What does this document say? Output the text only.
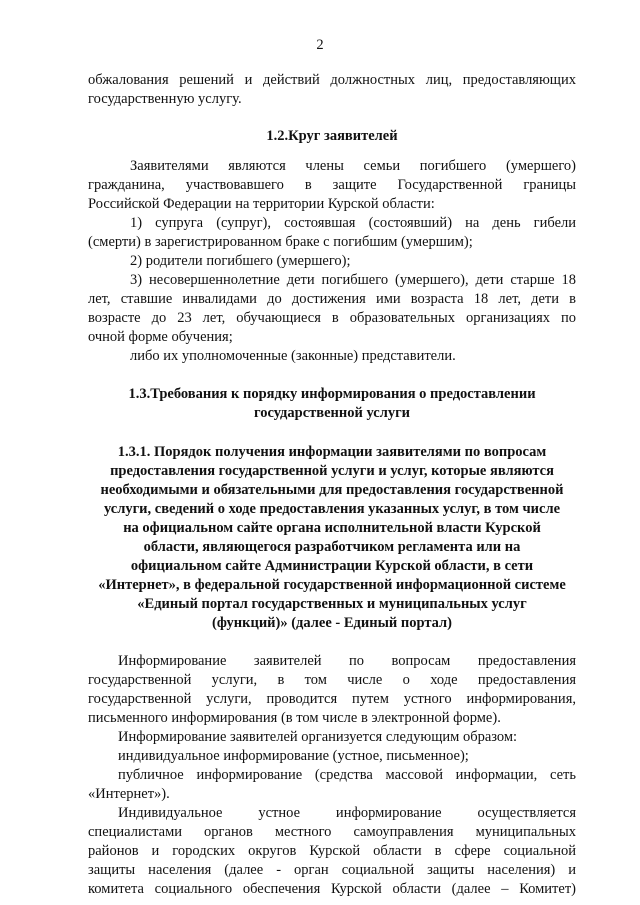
2
обжалования решений и действий должностных лиц, предоставляющих
государственную услугу.
1.2.Круг заявителей
Заявителями являются члены семьи погибшего (умершего)
гражданина, участвовавшего в защите Государственной границы
Российской Федерации на территории Курской области:
1) супруга (супруг), состоявшая (состоявший) на день гибели
(смерти) в зарегистрированном браке с погибшим (умершим);
2) родители погибшего (умершего);
3) несовершеннолетние дети погибшего (умершего), дети старше 18
лет, ставшие инвалидами до достижения ими возраста 18 лет, дети в
возрасте до 23 лет, обучающиеся в образовательных организациях по
очной форме обучения;
либо их уполномоченные (законные) представители.
1.3.Требования к порядку информирования о предоставлении
государственной услуги
1.3.1. Порядок получения информации заявителями по вопросам
предоставления государственной услуги и услуг, которые являются
необходимыми и обязательными для предоставления государственной
услуги, сведений о ходе предоставления указанных услуг, в том числе
на официальном сайте органа исполнительной власти Курской
области, являющегося разработчиком регламента или на
официальном сайте Администрации Курской области, в сети
«Интернет», в федеральной государственной информационной системе
«Единый портал государственных и муниципальных услуг
(функций)» (далее - Единый портал)
Информирование заявителей по вопросам предоставления
государственной услуги, в том числе о ходе предоставления
государственной услуги, проводится путем устного информирования,
письменного информирования (в том числе в электронной форме).
Информирование заявителей организуется следующим образом:
индивидуальное информирование (устное, письменное);
публичное информирование (средства массовой информации, сеть
«Интернет»).
Индивидуальное устное информирование осуществляется
специалистами органов местного самоуправления муниципальных
районов и городских округов Курской области в сфере социальной
защиты населения (далее - орган социальной защиты населения) и
комитета социального обеспечения Курской области (далее – Комитет)
